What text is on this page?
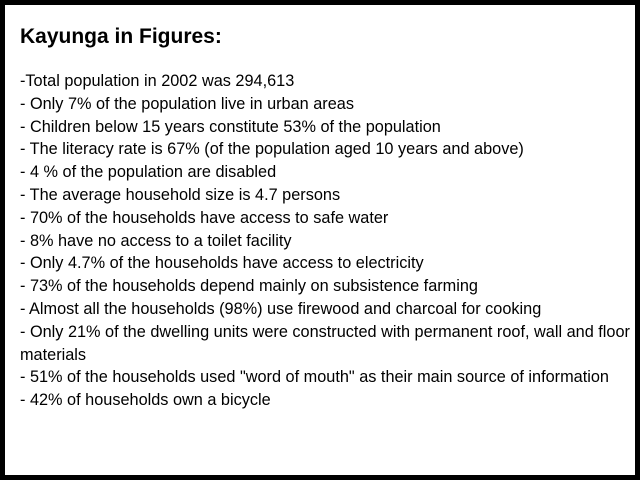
Kayunga in Figures:
-Total population in 2002 was 294,613
- Only 7% of the population live in urban areas
- Children below 15 years constitute 53% of the population
- The literacy rate is 67% (of the population aged 10 years and above)
- 4 % of the population are disabled
- The average household size is 4.7 persons
- 70% of the households have access to safe water
- 8% have no access to a toilet facility
- Only 4.7% of the households have access to electricity
- 73% of the households depend mainly on subsistence farming
- Almost all the households (98%) use firewood and charcoal for cooking
- Only 21% of the dwelling units were constructed with permanent roof, wall and floor materials
- 51% of the households used "word of mouth" as their main source of information
- 42% of households own a bicycle
